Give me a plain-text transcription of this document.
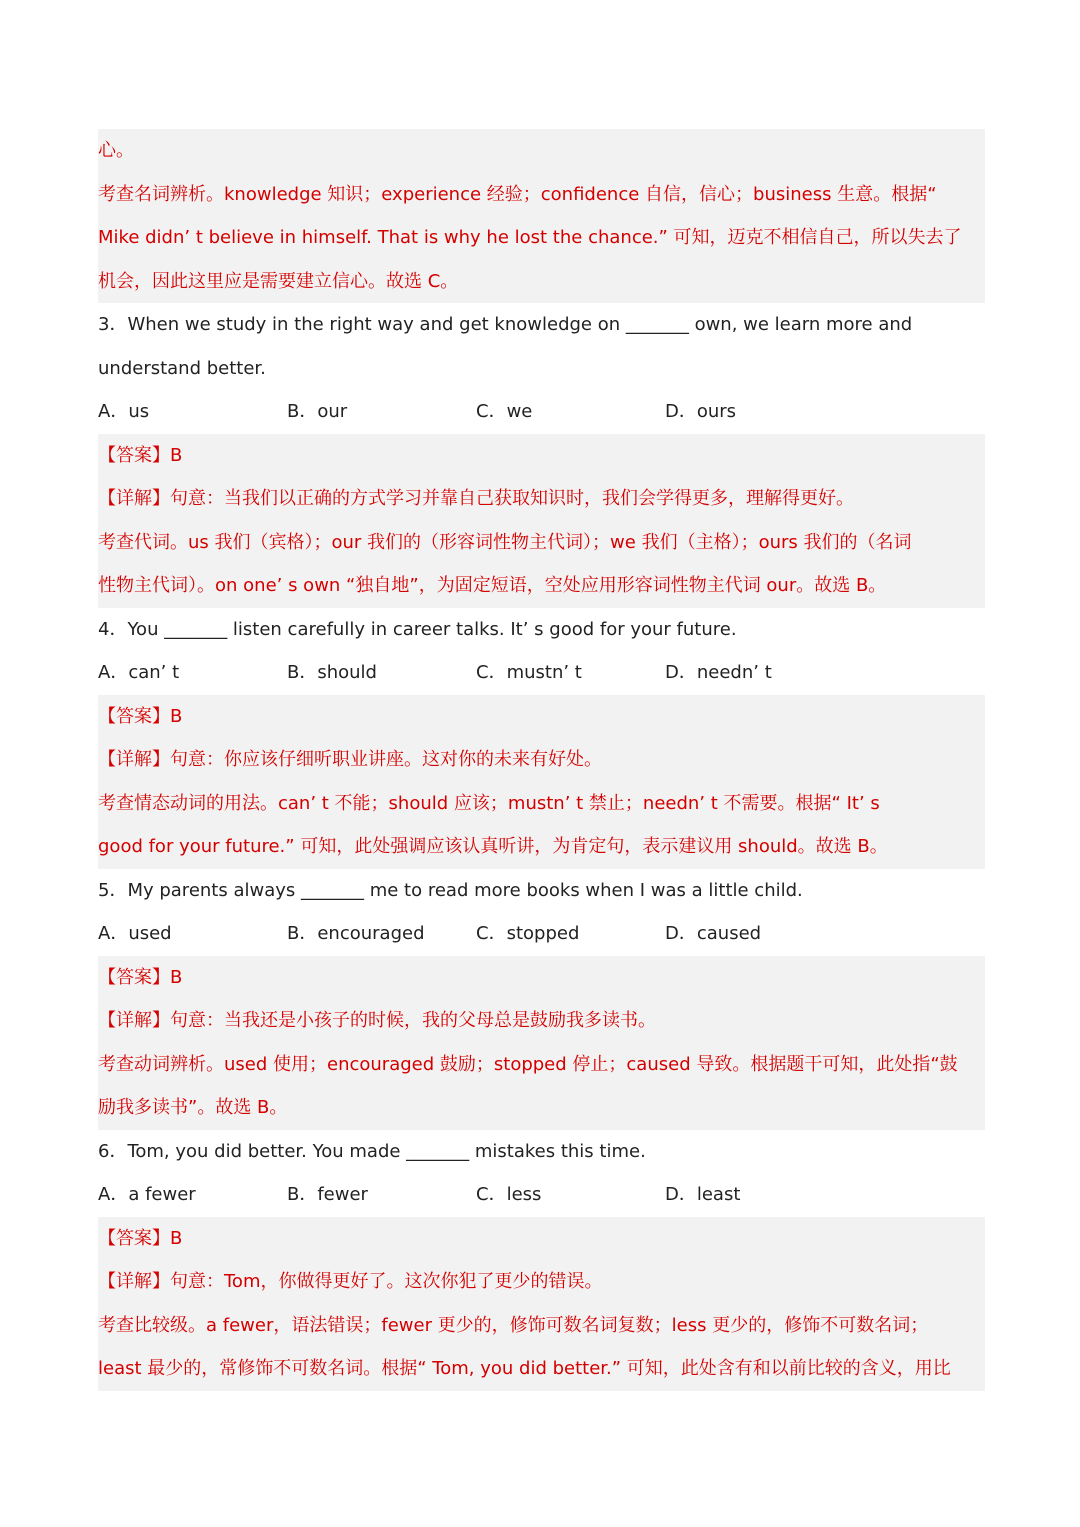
心。
考查名词辨析。knowledge 知识；experience 经验；confidence 自信，信心；business 生意。根据“
Mike didn’ t believe in himself. That is why he lost the chance.” 可知，迈克不相信自己，所以失去了
机会，因此这里应是需要建立信心。故选 C。
3．When we study in the right way and get knowledge on _______ own, we learn more and
understand better.
A．us	B．our	C．we	D．ours
【答案】B
【详解】句意：当我们以正确的方式学习并靠自己获取知识时，我们会学得更多，理解得更好。
考查代词。us 我们（宾格）；our 我们的（形容词性物主代词）；we 我们（主格）；ours 我们的（名词
性物主代词）。on one’ s own “独自地”，为固定短语，空处应用形容词性物主代词 our。故选 B。
4．You _______ listen carefully in career talks. It’ s good for your future.
A．can’ t	B．should	C．mustn’ t	D．needn’ t
【答案】B
【详解】句意：你应该仔细听职业讲座。这对你的未来有好处。
考查情态动词的用法。can’ t 不能；should 应该；mustn’ t 禁止；needn’ t 不需要。根据“ It’ s
good for your future.” 可知，此处强调应该认真听讲，为肯定句，表示建议用 should。故选 B。
5．My parents always _______ me to read more books when I was a little child.
A．used	B．encouraged	C．stopped	D．caused
【答案】B
【详解】句意：当我还是小孩子的时候，我的父母总是鼓励我多读书。
考查动词辨析。used 使用；encouraged 鼓励；stopped 停止；caused 导致。根据题干可知，此处指“鼓
励我多读书”。故选 B。
6．Tom, you did better. You made _______ mistakes this time.
A．a fewer	B．fewer	C．less	D．least
【答案】B
【详解】句意：Tom，你做得更好了。这次你犯了更少的错误。
考查比较级。a fewer，语法错误；fewer 更少的，修饰可数名词复数；less 更少的，修饰不可数名词；
least 最少的，常修饰不可数名词。根据“ Tom, you did better.” 可知，此处含有和以前比较的含义，用比
